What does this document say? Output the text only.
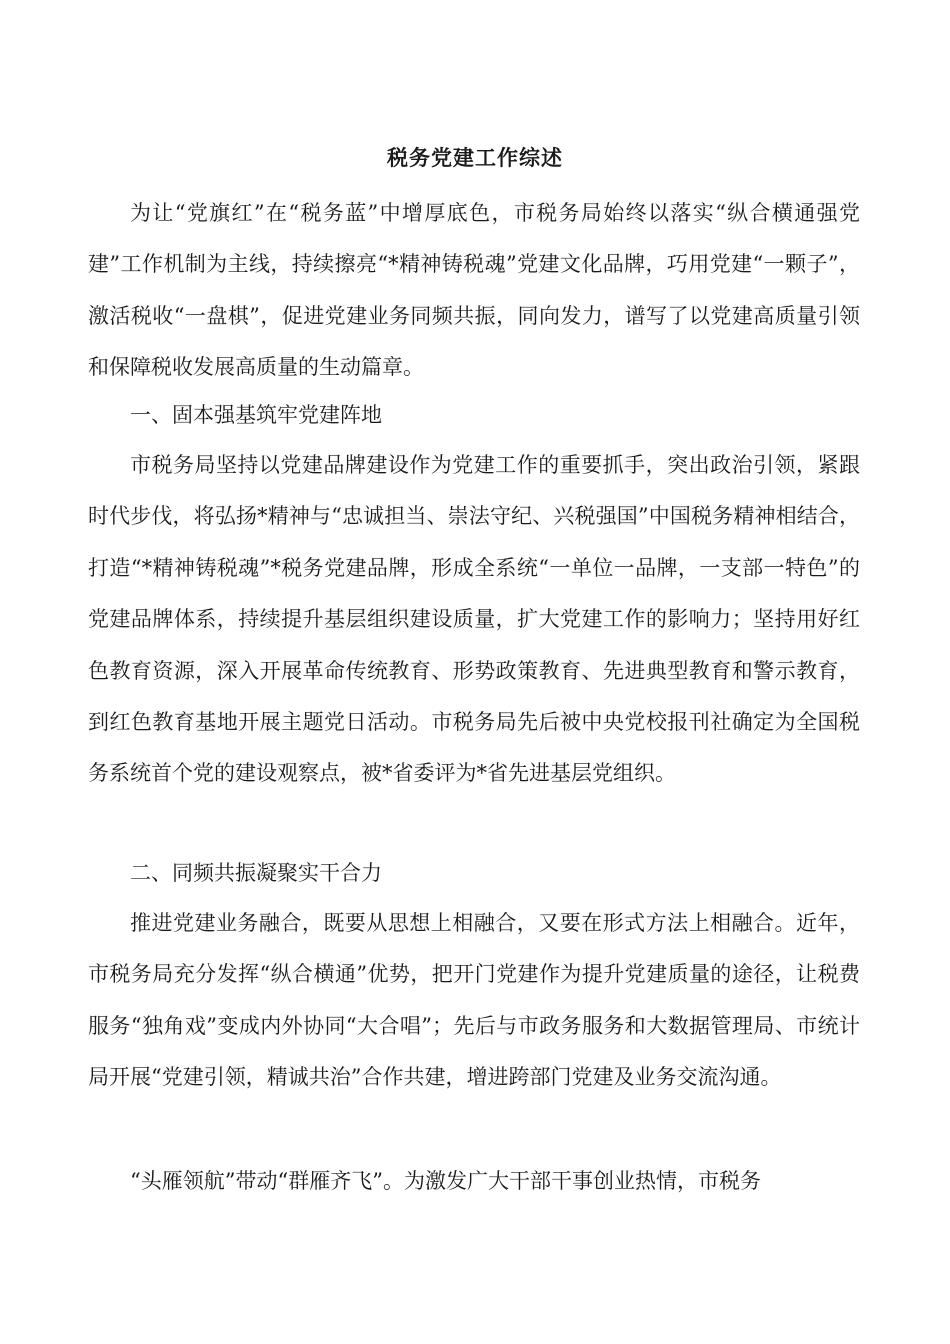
税务党建工作综述

为让“党旗红”在“税务蓝”中增厚底色，市税务局始终以落实“纵合横通强党建”工作机制为主线，持续擦亮“*精神铸税魂”党建文化品牌，巧用党建“一颗子”，激活税收“一盘棋”，促进党建业务同频共振，同向发力，谱写了以党建高质量引领和保障税收发展高质量的生动篇章。

一、固本强基筑牢党建阵地

市税务局坚持以党建品牌建设作为党建工作的重要抓手，突出政治引领，紧跟时代步伐，将弘扬*精神与“忠诚担当、崇法守纪、兴税强国”中国税务精神相结合，打造“*精神铸税魂”*税务党建品牌，形成全系统“一单位一品牌，一支部一特色”的党建品牌体系，持续提升基层组织建设质量，扩大党建工作的影响力；坚持用好红色教育资源，深入开展革命传统教育、形势政策教育、先进典型教育和警示教育，到红色教育基地开展主题党日活动。市税务局先后被中央党校报刊社确定为全国税务系统首个党的建设观察点，被*省委评为*省先进基层党组织。

二、同频共振凝聚实干合力

推进党建业务融合，既要从思想上相融合，又要在形式方法上相融合。近年，市税务局充分发挥“纵合横通”优势，把开门党建作为提升党建质量的途径，让税费服务“独角戏”变成内外协同“大合唱”；先后与市政务服务和大数据管理局、市统计局开展“党建引领，精诚共治”合作共建，增进跨部门党建及业务交流沟通。

“头雁领航”带动“群雁齐飞”。为激发广大干部干事创业热情，市税务
